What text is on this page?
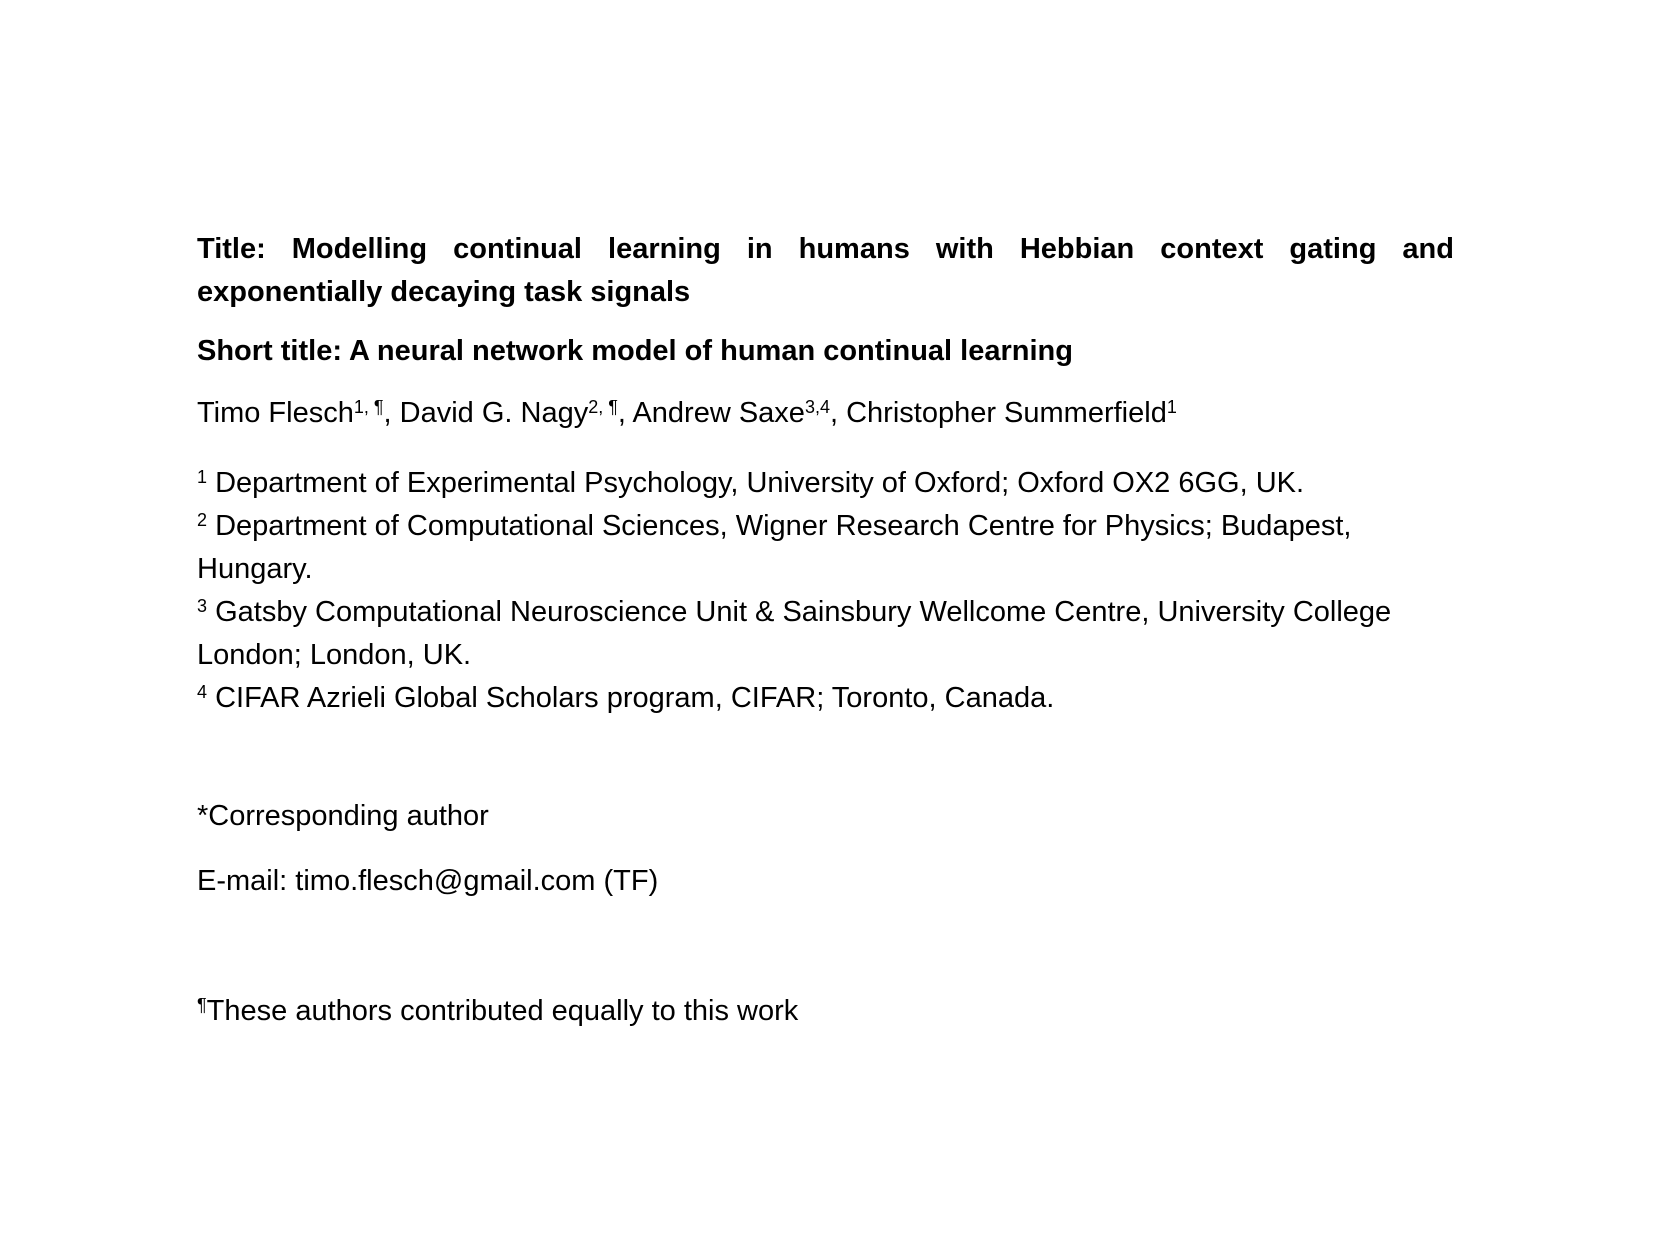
Title: Modelling continual learning in humans with Hebbian context gating and
exponentially decaying task signals
Short title: A neural network model of human continual learning
Timo Flesch$^{1, \P}$, David G. Nagy$^{2, \P}$, Andrew Saxe$^{3,4}$, Christopher Summerfield$^1$
$^1$ Department of Experimental Psychology, University of Oxford; Oxford OX2 6GG, UK.
$^2$ Department of Computational Sciences, Wigner Research Centre for Physics; Budapest, Hungary.
$^3$ Gatsby Computational Neuroscience Unit & Sainsbury Wellcome Centre, University College London; London, UK.
$^4$ CIFAR Azrieli Global Scholars program, CIFAR; Toronto, Canada.
*Corresponding author
E-mail: timo.flesch@gmail.com (TF)
¶These authors contributed equally to this work
